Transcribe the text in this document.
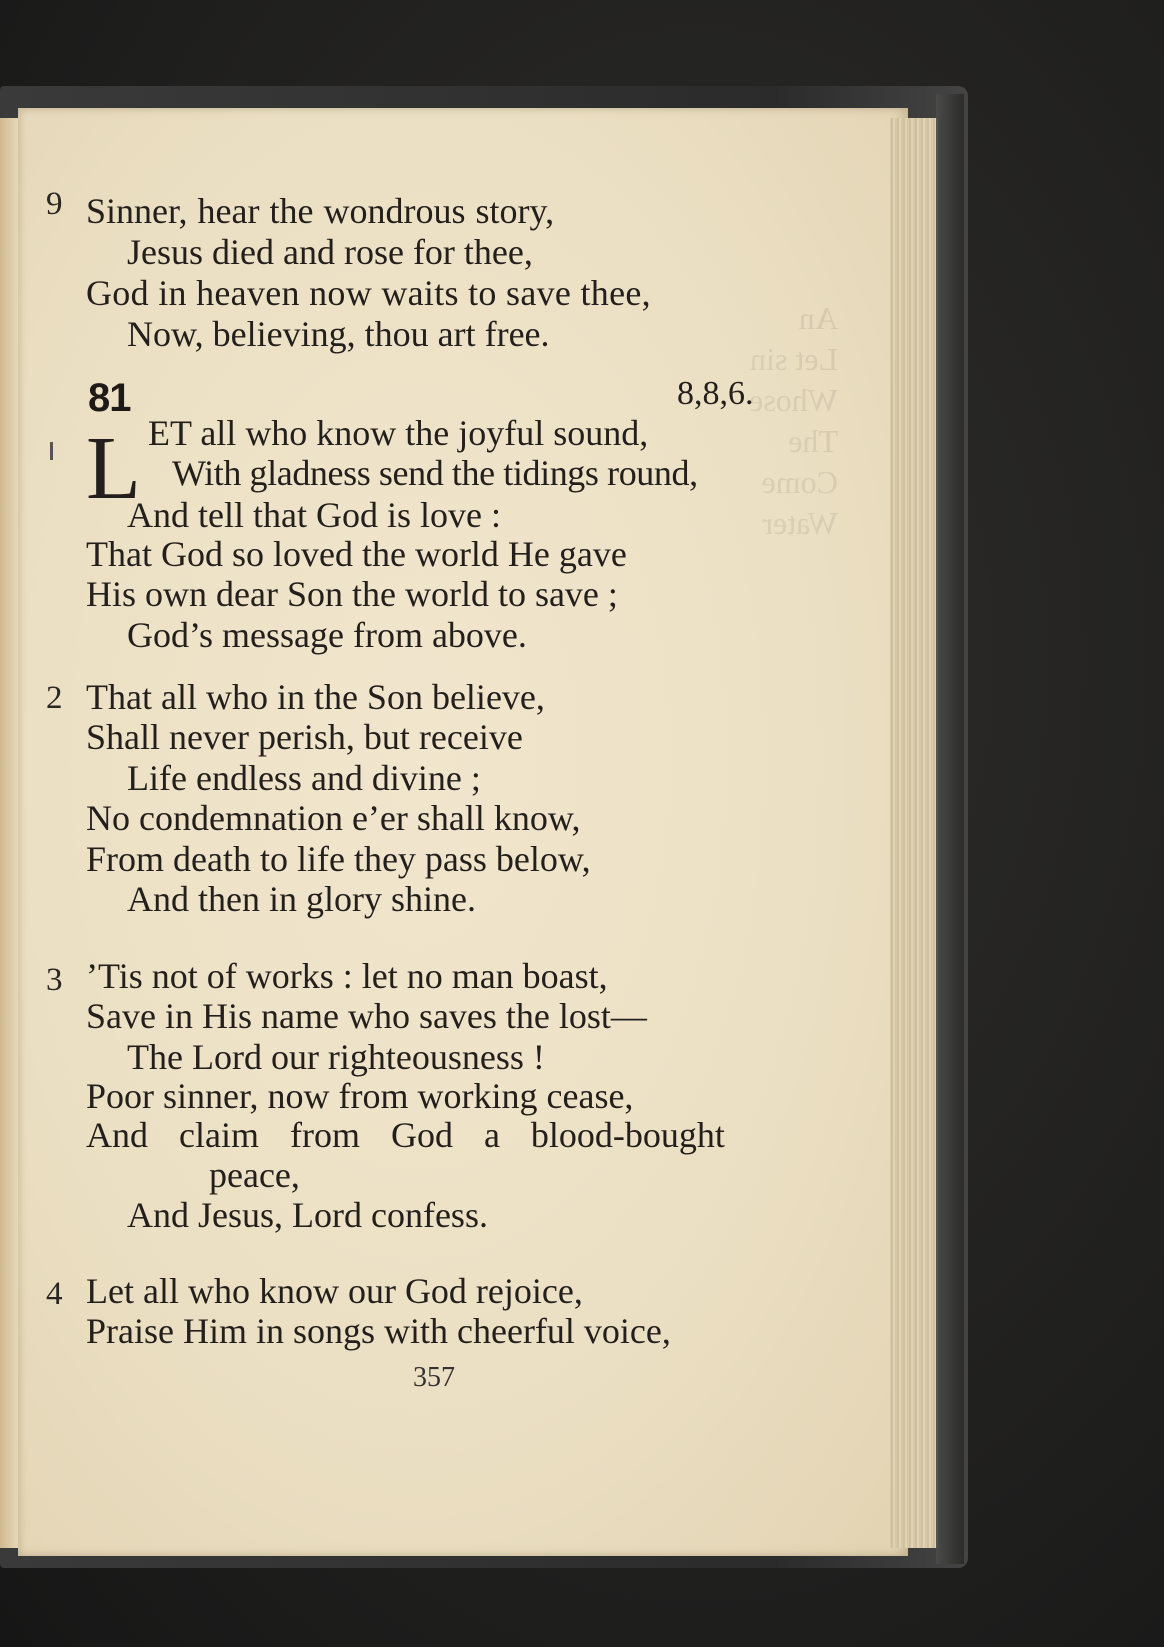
An
Let sin
Whose
The
Come
Water
9 Sinner, hear the wondrous story,
Jesus died and rose for thee,
God in heaven now waits to save thee,
Now, believing, thou art free.
81	8,8,6.
L ET all who know the joyful sound,
With gladness send the tidings round,
And tell that God is love :
That God so loved the world He gave
His own dear Son the world to save ;
God’s message from above.
2 That all who in the Son believe,
Shall never perish, but receive
Life endless and divine ;
No condemnation e’er shall know,
From death to life they pass below,
And then in glory shine.
3 ’Tis not of works : let no man boast,
Save in His name who saves the lost—
The Lord our righteousness !
Poor sinner, now from working cease,
And claim from God a blood-bought
peace,
And Jesus, Lord confess.
4 Let all who know our God rejoice,
Praise Him in songs with cheerful voice,
357
